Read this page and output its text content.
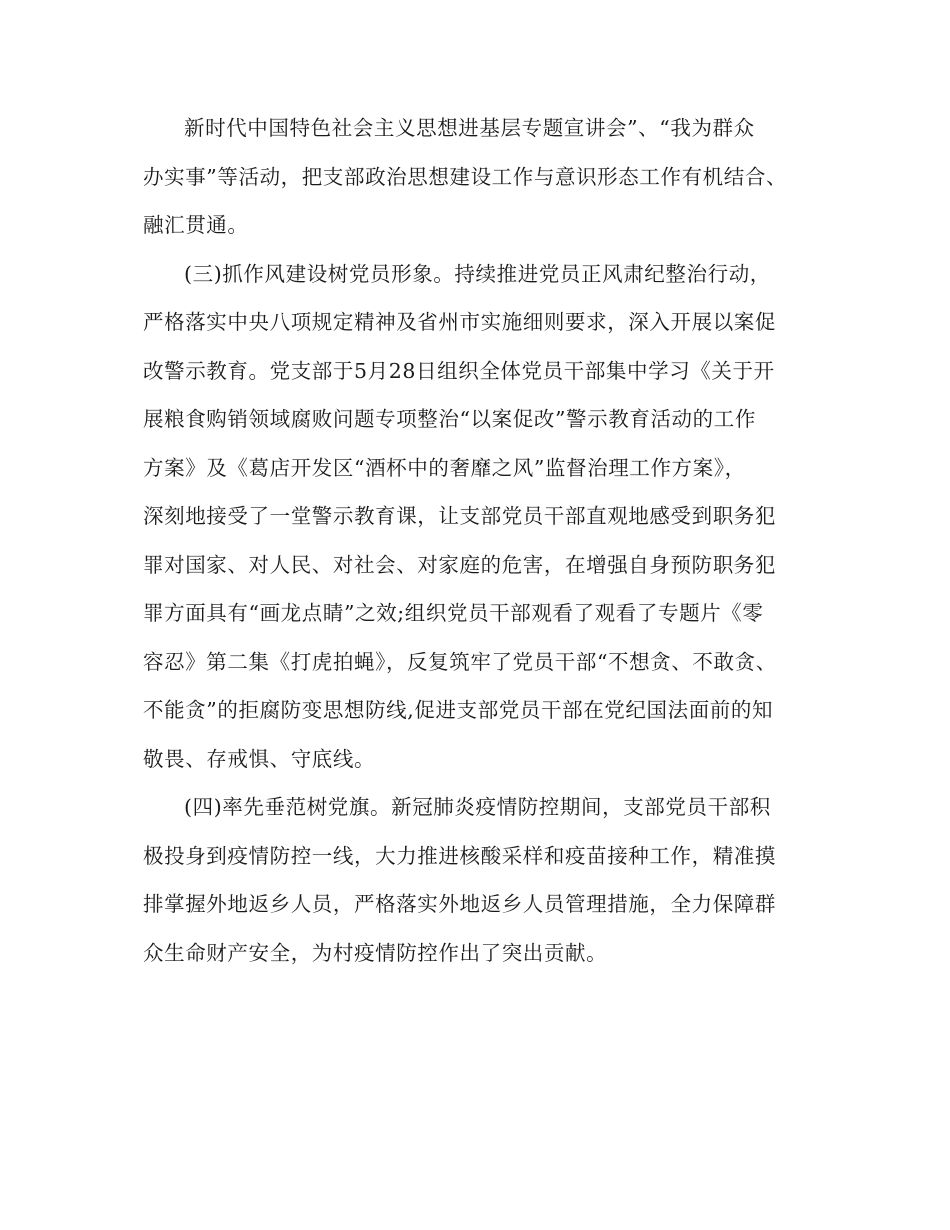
新时代中国特色社会主义思想进基层专题宣讲会”、“我为群众
办实事”等活动，把支部政治思想建设工作与意识形态工作有机结合、
融汇贯通。

(三)抓作风建设树党员形象。持续推进党员正风肃纪整治行动，
严格落实中央八项规定精神及省州市实施细则要求，深入开展以案促
改警示教育。党支部于5月28日组织全体党员干部集中学习《关于开
展粮食购销领域腐败问题专项整治“以案促改”警示教育活动的工作
方案》及《葛店开发区“酒杯中的奢靡之风”监督治理工作方案》，
深刻地接受了一堂警示教育课，让支部党员干部直观地感受到职务犯
罪对国家、对人民、对社会、对家庭的危害，在增强自身预防职务犯
罪方面具有“画龙点睛”之效;组织党员干部观看了观看了专题片《零
容忍》第二集《打虎拍蝇》，反复筑牢了党员干部“不想贪、不敢贪、
不能贪”的拒腐防变思想防线,促进支部党员干部在党纪国法面前的知
敬畏、存戒惧、守底线。

(四)率先垂范树党旗。新冠肺炎疫情防控期间，支部党员干部积
极投身到疫情防控一线，大力推进核酸采样和疫苗接种工作，精准摸
排掌握外地返乡人员，严格落实外地返乡人员管理措施，全力保障群
众生命财产安全，为村疫情防控作出了突出贡献。
